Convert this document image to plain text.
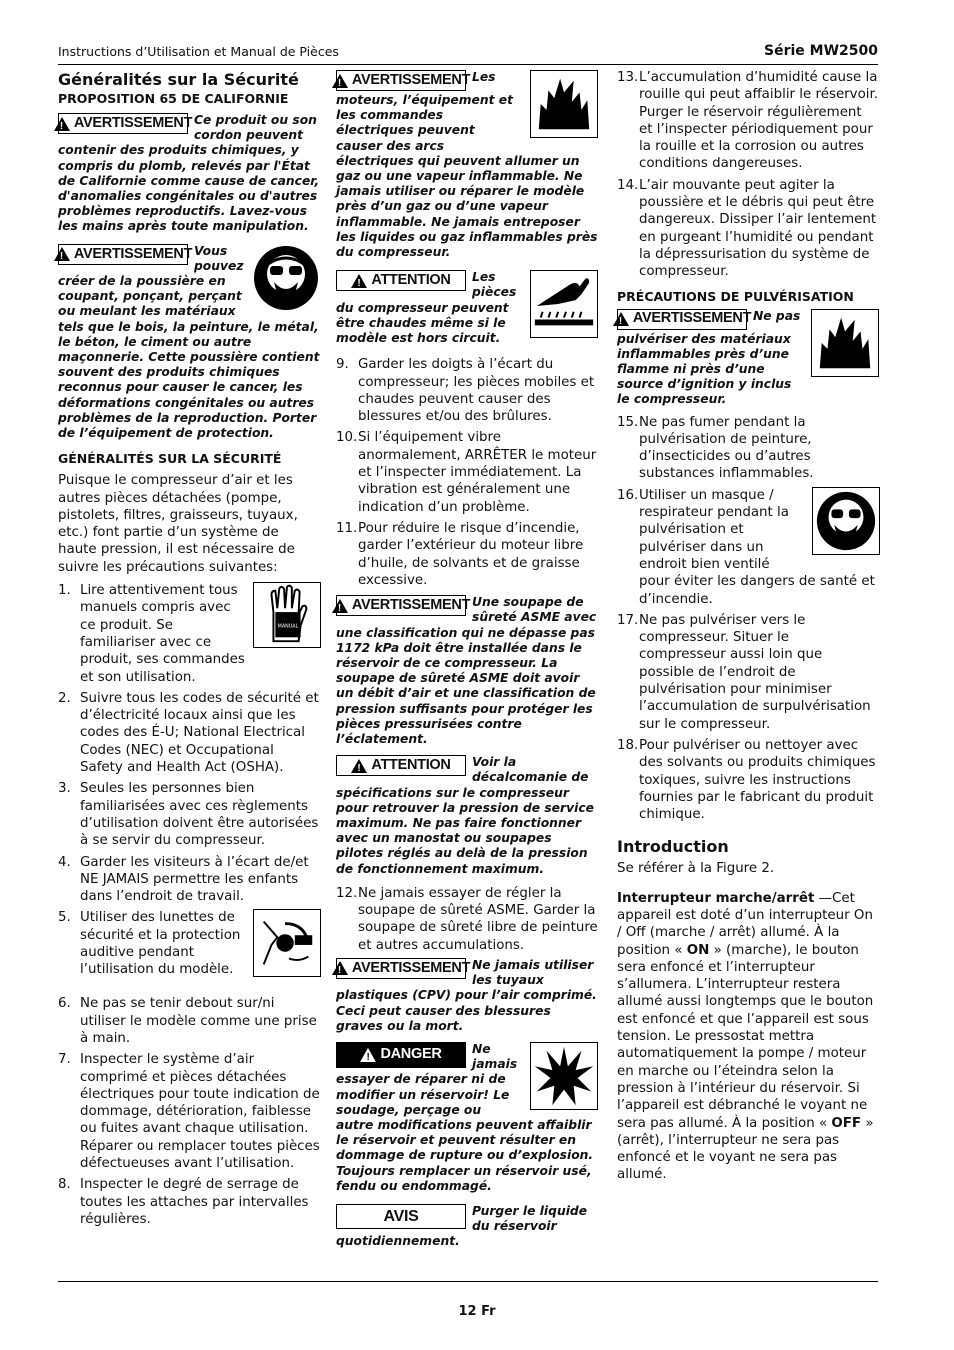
Instructions d’Utilisation et Manual de Pièces	Série MW2500
Généralités sur la Sécurité
PROPOSITION 65 DE CALIFORNIE
!
AVERTISSEMENT Ce produit ou son cordon peuvent contenir des produits chimiques, y compris du plomb, relevés par l'État de Californie comme cause de cancer, d'anomalies congénitales ou d'autres problèmes reproductifs. Lavez-vous les mains après toute manipulation.
!
AVERTISSEMENT Vous pouvez créer de la poussière en coupant, ponçant, perçant ou meulant les matériaux tels que le bois, la peinture, le métal, le béton, le ciment ou autre maçonnerie. Cette poussière contient souvent des produits chimiques reconnus pour causer le cancer, les déformations congénitales ou autres problèmes de la reproduction. Porter de l’équipement de protection.
GÉNÉRALITÉS SUR LA SÉCURITÉ

Puisque le compresseur d’air et les autres pièces détachées (pompe, pistolets, filtres, graisseurs, tuyaux, etc.) font partie d’un système de haute pression, il est nécessaire de suivre les précautions suivantes:

1.
MANUAL
Lire attentivement tous manuels compris avec ce produit. Se familiariser avec ce produit, ses commandes et son utilisation.
2. Suivre tous les codes de sécurité et d’électricité locaux ainsi que les codes des É-U; National Electrical Codes (NEC) et Occupational Safety and Health Act (OSHA).
3. Seules les personnes bien familiarisées avec ces règlements d’utilisation doivent être autorisées à se servir du compresseur.
4. Garder les visiteurs à l’écart de/et NE JAMAIS permettre les enfants dans l’endroit de travail.
5. Utiliser des lunettes de sécurité et la protection auditive pendant l’utilisation du modèle.
6. Ne pas se tenir debout sur/ni utiliser le modèle comme une prise à main.
7. Inspecter le système d’air comprimé et pièces détachées électriques pour toute indication de dommage, détérioration, faiblesse ou fuites avant chaque utilisation. Réparer ou remplacer toutes pièces défectueuses avant l’utilisation.
8. Inspecter le degré de serrage de toutes les attaches par intervalles régulières.
!
AVERTISSEMENT Les moteurs, l’équipement et les commandes électriques peuvent causer des arcs électriques qui peuvent allumer un gaz ou une vapeur inflammable. Ne jamais utiliser ou réparer le modèle près d’un gaz ou d’une vapeur inflammable. Ne jamais entreposer les liquides ou gaz inflammables près du compresseur.
!
ATTENTION Les pièces du compresseur peuvent être chaudes même si le modèle est hors circuit.
9. Garder les doigts à l’écart du compresseur; les pièces mobiles et chaudes peuvent causer des blessures et/ou des brûlures.
10. Si l’équipement vibre anormalement, ARRÊTER le moteur et l’inspecter immédiatement. La vibration est généralement une indication d’un problème.
11. Pour réduire le risque d’incendie, garder l’extérieur du moteur libre d’huile, de solvants et de graisse excessive.
!
AVERTISSEMENT Une soupape de sûreté ASME avec une classification qui ne dépasse pas 1172 kPa doit être installée dans le réservoir de ce compresseur. La soupape de sûreté ASME doit avoir un débit d’air et une classification de pression suffisants pour protéger les pièces pressurisées contre l’éclatement.
!
ATTENTION Voir la décalcomanie de spécifications sur le compresseur pour retrouver la pression de service maximum. Ne pas faire fonctionner avec un manostat ou soupapes pilotes réglés au delà de la pression de fonctionnement maximum.
12. Ne jamais essayer de régler la soupape de sûreté ASME. Garder la soupape de sûreté libre de peinture et autres accumulations.
!
AVERTISSEMENT Ne jamais utiliser les tuyaux plastiques (CPV) pour l’air comprimé. Ceci peut causer des blessures graves ou la mort.
!
DANGER Ne jamais essayer de réparer ni de modifier un réservoir! Le soudage, perçage ou autre modifications peuvent affaiblir le réservoir et peuvent résulter en dommage de rupture ou d’explosion. Toujours remplacer un réservoir usé, fendu ou endommagé.
AVIS	Purger le liquide du réservoir quotidiennement.
13. L’accumulation d’humidité cause la rouille qui peut affaiblir le réservoir. Purger le réservoir régulièrement et l’inspecter périodiquement pour la rouille et la corrosion ou autres conditions dangereuses.
14. L’air mouvante peut agiter la poussière et le débris qui peut être dangereux. Dissiper l’air lentement en purgeant l’humidité ou pendant la dépressurisation du système de compresseur.
PRÉCAUTIONS DE PULVÉRISATION
!
AVERTISSEMENT Ne pas pulvériser des matériaux inflammables près d’une flamme ni près d’une source d’ignition y inclus le compresseur.
15. Ne pas fumer pendant la pulvérisation de peinture, d’insecticides ou d’autres substances inflammables.
16. Utiliser un masque / respirateur pendant la pulvérisation et pulvériser dans un endroit bien ventilé pour éviter les dangers de santé et d’incendie.
17. Ne pas pulvériser vers le compresseur. Situer le compresseur aussi loin que possible de l’endroit de pulvérisation pour minimiser l’accumulation de surpulvérisation sur le compresseur.
18. Pour pulvériser ou nettoyer avec des solvants ou produits chimiques toxiques, suivre les instructions fournies par le fabricant du produit chimique.
Introduction

Se référer à la Figure 2.

Interrupteur marche/arrêt —Cet appareil est doté d’un interrupteur On / Off (marche / arrêt) allumé. À la position « ON » (marche), le bouton sera enfoncé et l’interrupteur s’allumera. L’interrupteur restera allumé aussi longtemps que le bouton est enfoncé et que l’appareil est sous tension. Le pressostat mettra automatiquement la pompe / moteur en marche ou l’éteindra selon la pression à l’intérieur du réservoir. Si l’appareil est débranché le voyant ne sera pas allumé. À la position « OFF » (arrêt), l’interrupteur ne sera pas enfoncé et le voyant ne sera pas allumé.

12 Fr
